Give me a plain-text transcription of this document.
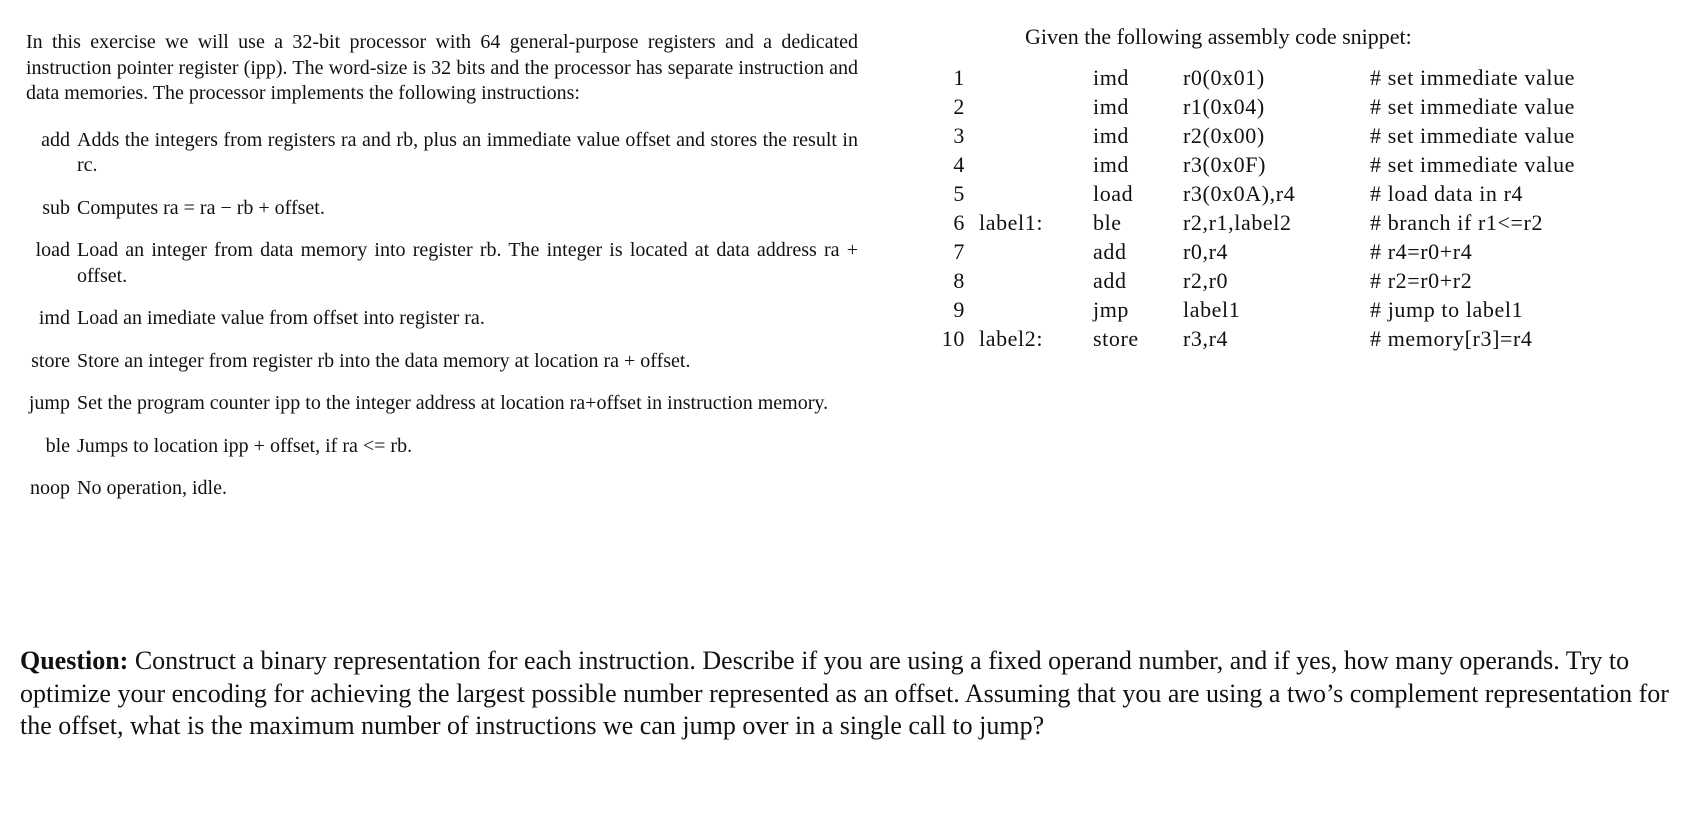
In this exercise we will use a 32-bit processor with 64 general-purpose registers and a dedicated instruction pointer register (ipp). The word-size is 32 bits and the processor has separate instruction and data memories. The processor implements the following instructions:

add Adds the integers from registers ra and rb, plus an immediate value offset and stores the result in rc.
sub Computes ra = ra − rb + offset.
load Load an integer from data memory into register rb. The integer is located at data address ra + offset.
imd Load an imediate value from offset into register ra.
store Store an integer from register rb into the data memory at location ra + offset.
jump Set the program counter ipp to the integer address at location ra+offset in instruction memory.
ble Jumps to location ipp + offset, if ra <= rb.
noop No operation, idle.
Given the following assembly code snippet:
1	imd r0(0x01)	# set immediate value
2	imd r1(0x04)	# set immediate value
3	imd r2(0x00)	# set immediate value
4	imd r3(0x0F)	# set immediate value
5	load r3(0x0A),r4	# load data in r4
6 label1: ble	r2,r1,label2	# branch if r1<=r2
7	add	r0,r4	# r4=r0+r4
8	add	r2,r0	# r2=r0+r2
9	jmp label1	# jump to label1
10 label2: store r3,r4	# memory[r3]=r4
Question: Construct a binary representation for each instruction. Describe if you are using a fixed operand number, and if yes, how many operands. Try to optimize your encoding for achieving the largest possible number represented as an offset. Assuming that you are using a two’s complement representation for the offset, what is the maximum number of instructions we can jump over in a single call to jump?
